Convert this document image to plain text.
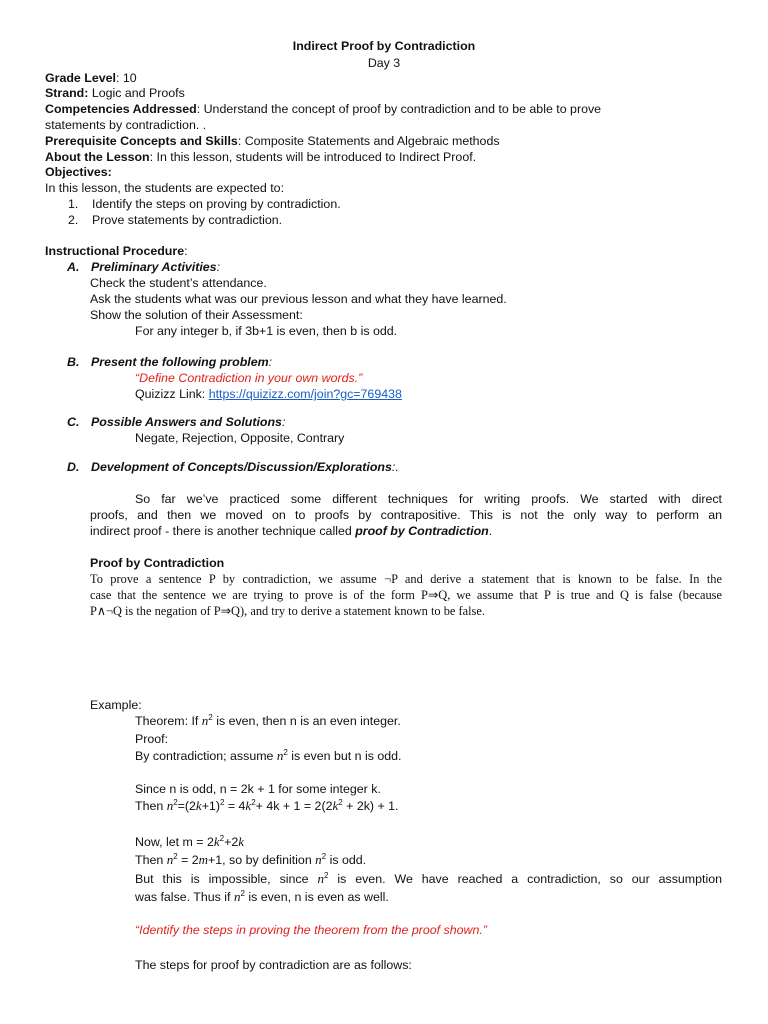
Indirect Proof by Contradiction
Day 3
Grade Level: 10
Strand: Logic and Proofs
Competencies Addressed: Understand the concept of proof by contradiction and to be able to prove
statements by contradiction. .
Prerequisite Concepts and Skills: Composite Statements and Algebraic methods
About the Lesson: In this lesson, students will be introduced to Indirect Proof.
Objectives:
In this lesson, the students are expected to:
1. Identify the steps on proving by contradiction.
2. Prove statements by contradiction.
Instructional Procedure:
A. Preliminary Activities:
Check the student’s attendance.
Ask the students what was our previous lesson and what they have learned.
Show the solution of their Assessment:
For any integer b, if 3b+1 is even, then b is odd.
B. Present the following problem:
“Define Contradiction in your own words.”
Quizizz Link: https://quizizz.com/join?gc=769438
C. Possible Answers and Solutions:
Negate, Rejection, Opposite, Contrary
D. Development of Concepts/Discussion/Explorations:.
So far we’ve practiced some different techniques for writing proofs. We started with direct
proofs, and then we moved on to proofs by contrapositive. This is not the only way to perform an
indirect proof - there is another technique called proof by Contradiction.
Proof by Contradiction
To prove a sentence P by contradiction, we assume ¬P and derive a statement that is known to be false. In the
case that the sentence we are trying to prove is of the form P⇒Q, we assume that P is true and Q is false (because
P∧¬Q is the negation of P⇒Q), and try to derive a statement known to be false.
Example:
Theorem: If $n^2$ is even, then n is an even integer.
Proof:
By contradiction; assume $n^2$ is even but n is odd.
Since n is odd, n = 2k + 1 for some integer k.
Then $n^2=(2k+1)^2 = 4k^2+ 4k + 1 = 2(2k^2 + 2k) + 1$.
Now, let $m = 2k^2+2k$
Then $n^2 = 2m+1$, so by definition $n^2$ is odd.
But this is impossible, since $n^2$ is even. We have reached a contradiction, so our assumption
was false. Thus if $n^2$ is even, n is even as well.
“Identify the steps in proving the theorem from the proof shown.”
The steps for proof by contradiction are as follows:
